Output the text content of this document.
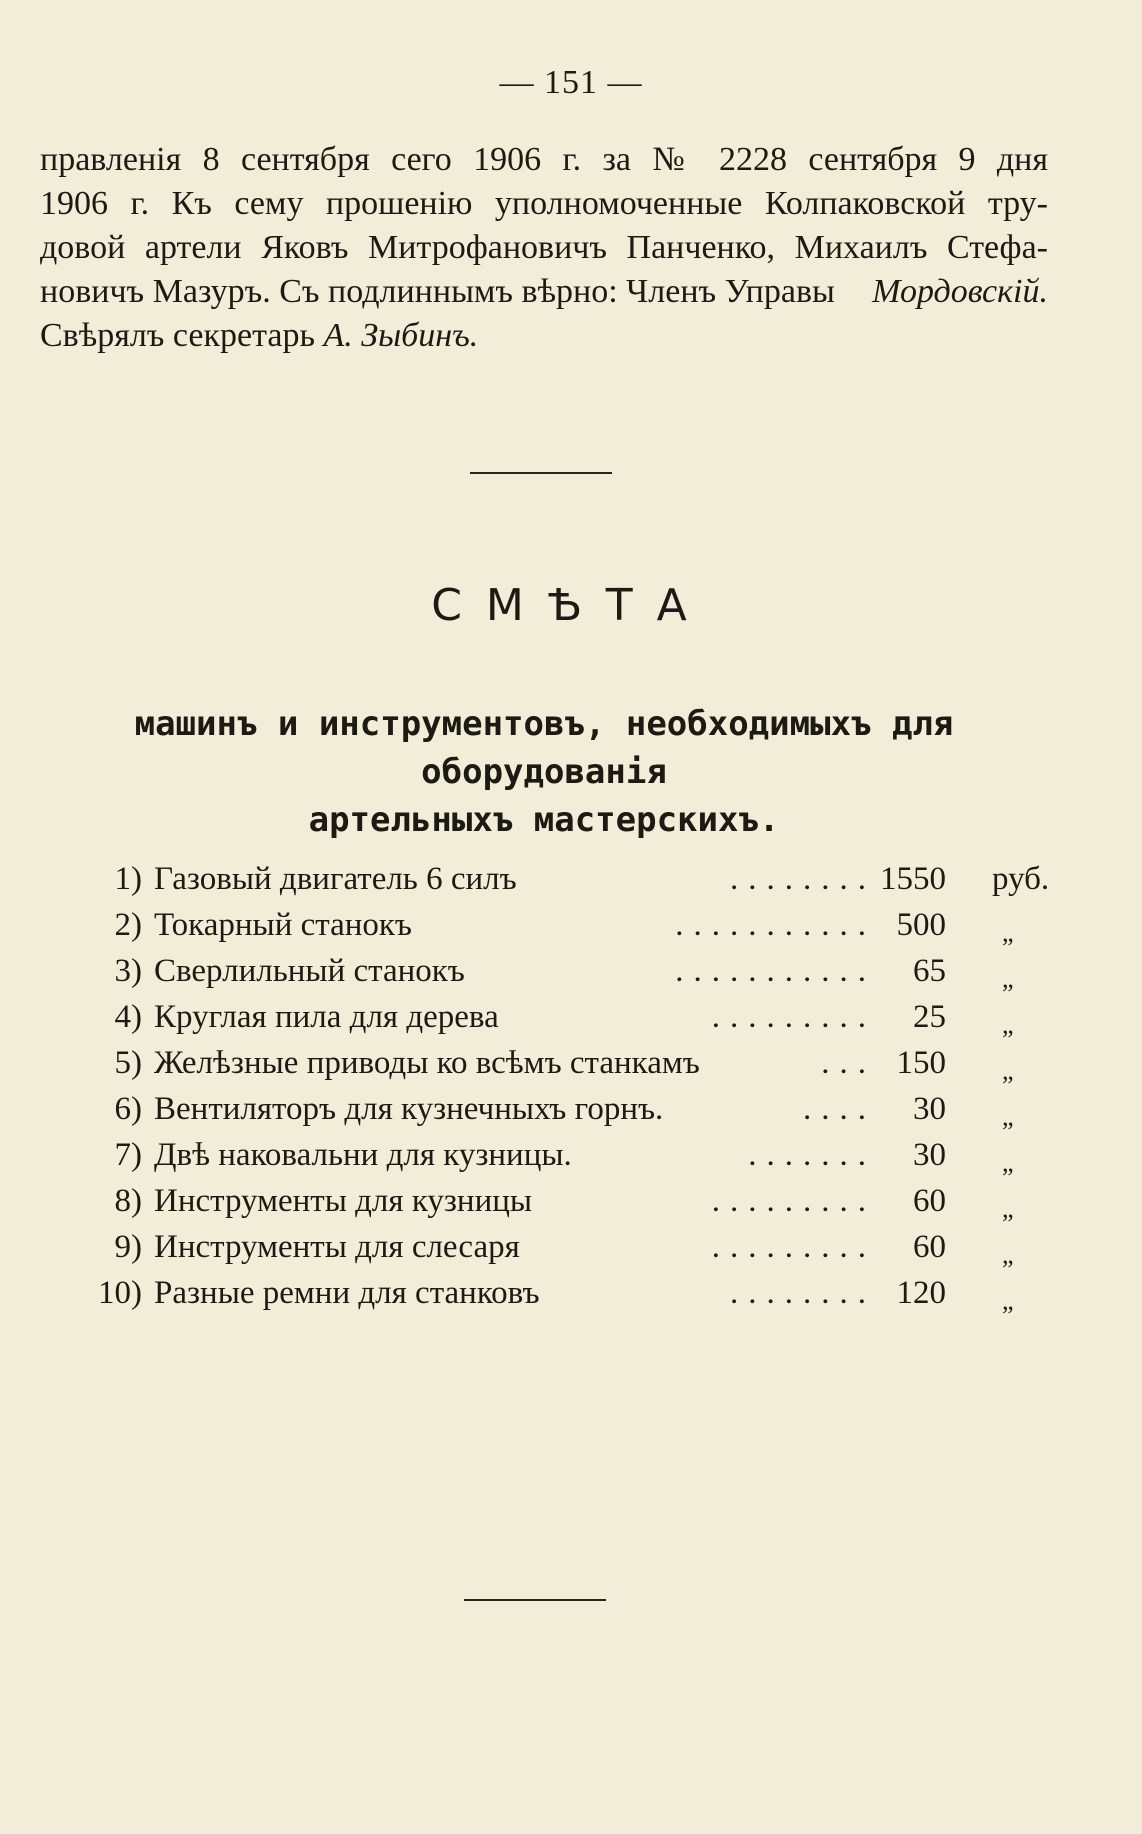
— 151 —
правленія 8 сентября сего 1906 г. за № 2228 сентября 9 дня
1906 г. Къ сему прошенію уполномоченные Колпаковской тру-
довой артели Яковъ Митрофановичъ Панченко, Михаилъ Стефа-
новичъ Мазуръ. Съ подлиннымъ вѣрно: Членъ Управы Мордовскій.
Свѣрялъ секретарь А. Зыбинъ.
СМѢТА
машинъ и инструментовъ, необходимыхъ для оборудованія
артельныхъ мастерскихъ.
1) Газовый двигатель 6 силъ	........ 1550 руб.
2) Токарный станокъ	........... 500 „
3) Сверлильный станокъ	...........	65 „
4) Круглая пила для дерева	.........	25 „
5) Желѣзные приводы ко всѣмъ станкамъ	... 150 „
6) Вентиляторъ для кузнечныхъ горнъ.	....	30 „
7) Двѣ наковальни для кузницы.	.......	30 „
8) Инструменты для кузницы	.........	60 „
9) Инструменты для слесаря	.........	60 „
10) Разные ремни для станковъ	........ 120 „
